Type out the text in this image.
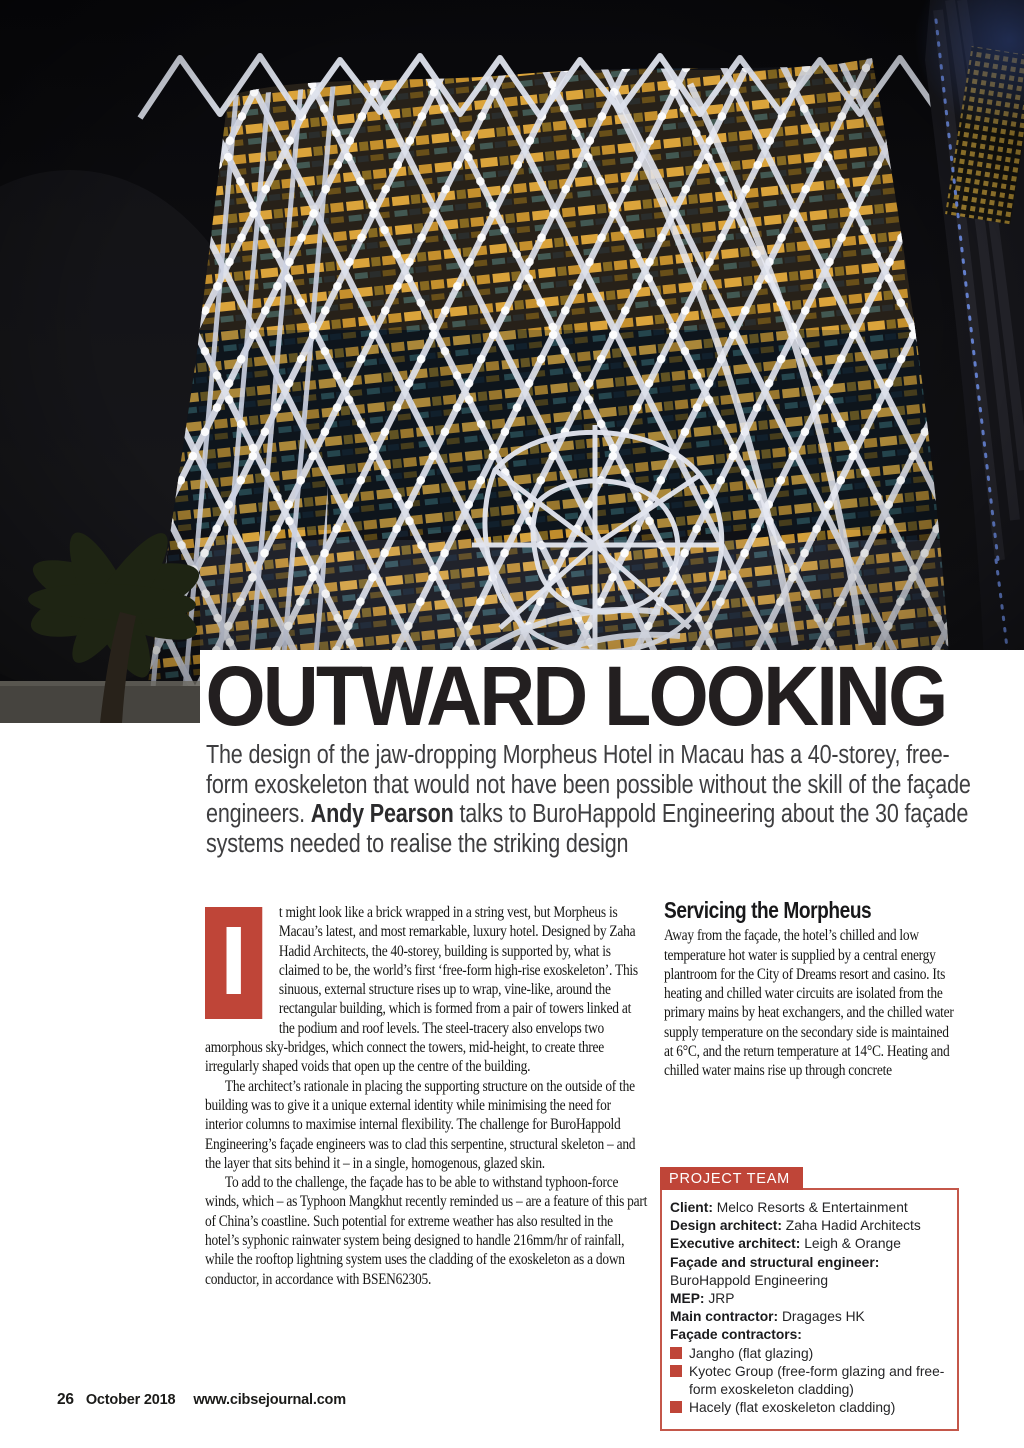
OUTWARD LOOKING
The design of the jaw-dropping Morpheus Hotel in Macau has a 40-storey, free-form exoskeleton that would not have been possible without the skill of the façade engineers. Andy Pearson talks to BuroHappold Engineering about the 30 façade systems needed to realise the striking design

I t might look like a brick wrapped in a string vest, but Morpheus is Macau’s latest, and most remarkable, luxury hotel. Designed by Zaha Hadid Architects, the 40-storey, building is supported by, what is claimed to be, the world’s first ‘free-form high-rise exoskeleton’. This sinuous, external structure rises up to wrap, vine-like, around the rectangular building, which is formed from a pair of towers linked at the podium and roof levels. The steel-tracery also envelops two amorphous sky-bridges, which connect the towers, mid-height, to create three irregularly shaped voids that open up the centre of the building.

The architect’s rationale in placing the supporting structure on the outside of the building was to give it a unique external identity while minimising the need for interior columns to maximise internal flexibility. The challenge for BuroHappold Engineering’s façade engineers was to clad this serpentine, structural skeleton – and the layer that sits behind it – in a single, homogenous, glazed skin.

To add to the challenge, the façade has to be able to withstand typhoon-force winds, which – as Typhoon Mangkhut recently reminded us – are a feature of this part of China’s coastline. Such potential for extreme weather has also resulted in the hotel’s syphonic rainwater system being designed to handle 216mm/hr of rainfall, while the rooftop lightning system uses the cladding of the exoskeleton as a down conductor, in accordance with BSEN62305.

Servicing the Morpheus

Away from the façade, the hotel’s chilled and low temperature hot water is supplied by a central energy plantroom for the City of Dreams resort and casino. Its heating and chilled water circuits are isolated from the primary mains by heat exchangers, and the chilled water supply temperature on the secondary side is maintained at 6°C, and the return temperature at 14°C. Heating and chilled water mains rise up through concrete

PROJECT TEAM
Client: Melco Resorts & Entertainment
Design architect: Zaha Hadid Architects
Executive architect: Leigh & Orange
Façade and structural engineer: BuroHappold Engineering
MEP: JRP
Main contractor: Dragages HK
Façade contractors:
Jangho (flat glazing)
Kyotec Group (free-form glazing and free-form exoskeleton cladding)
Hacely (flat exoskeleton cladding)
26 October 2018 www.cibsejournal.com
